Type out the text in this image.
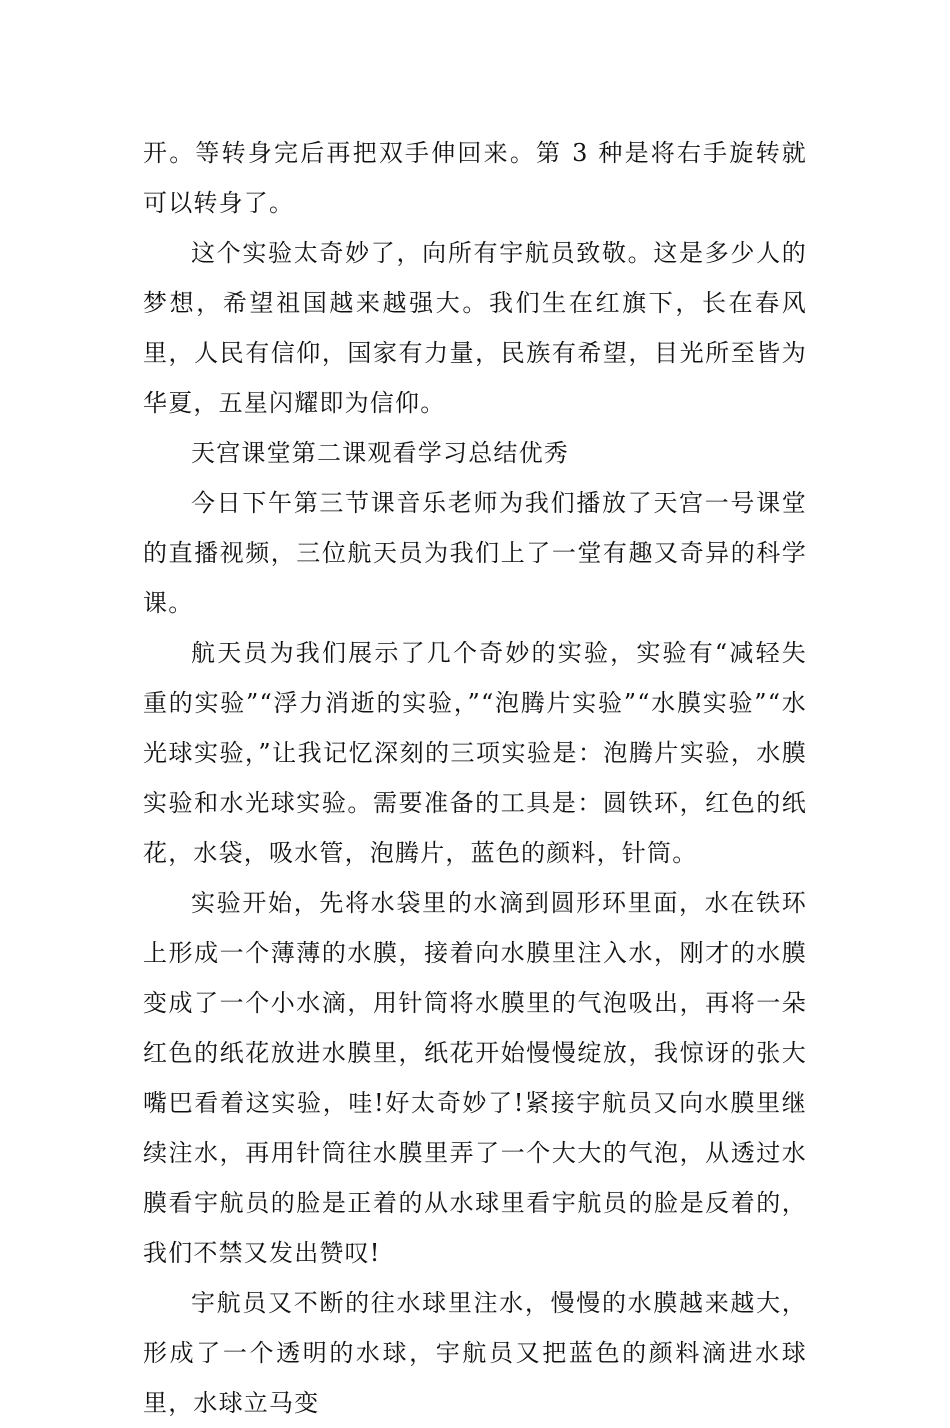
开。等转身完后再把双手伸回来。第 3 种是将右手旋转就可以转身了。

这个实验太奇妙了，向所有宇航员致敬。这是多少人的梦想，希望祖国越来越强大。我们生在红旗下，长在春风里，人民有信仰，国家有力量，民族有希望，目光所至皆为华夏，五星闪耀即为信仰。

天宫课堂第二课观看学习总结优秀

今日下午第三节课音乐老师为我们播放了天宫一号课堂的直播视频，三位航天员为我们上了一堂有趣又奇异的科学课。

航天员为我们展示了几个奇妙的实验，实验有“减轻失重的实验”“浮力消逝的实验，”“泡腾片实验”“水膜实验”“水光球实验，”让我记忆深刻的三项实验是：泡腾片实验，水膜实验和水光球实验。需要准备的工具是：圆铁环，红色的纸花，水袋，吸水管，泡腾片，蓝色的颜料，针筒。

实验开始，先将水袋里的水滴到圆形环里面，水在铁环上形成一个薄薄的水膜，接着向水膜里注入水，刚才的水膜变成了一个小水滴，用针筒将水膜里的气泡吸出，再将一朵红色的纸花放进水膜里，纸花开始慢慢绽放，我惊讶的张大嘴巴看着这实验，哇!好太奇妙了!紧接宇航员又向水膜里继续注水，再用针筒往水膜里弄了一个大大的气泡，从透过水膜看宇航员的脸是正着的从水球里看宇航员的脸是反着的，我们不禁又发出赞叹!

宇航员又不断的往水球里注水，慢慢的水膜越来越大，形成了一个透明的水球，宇航员又把蓝色的颜料滴进水球里，水球立马变
